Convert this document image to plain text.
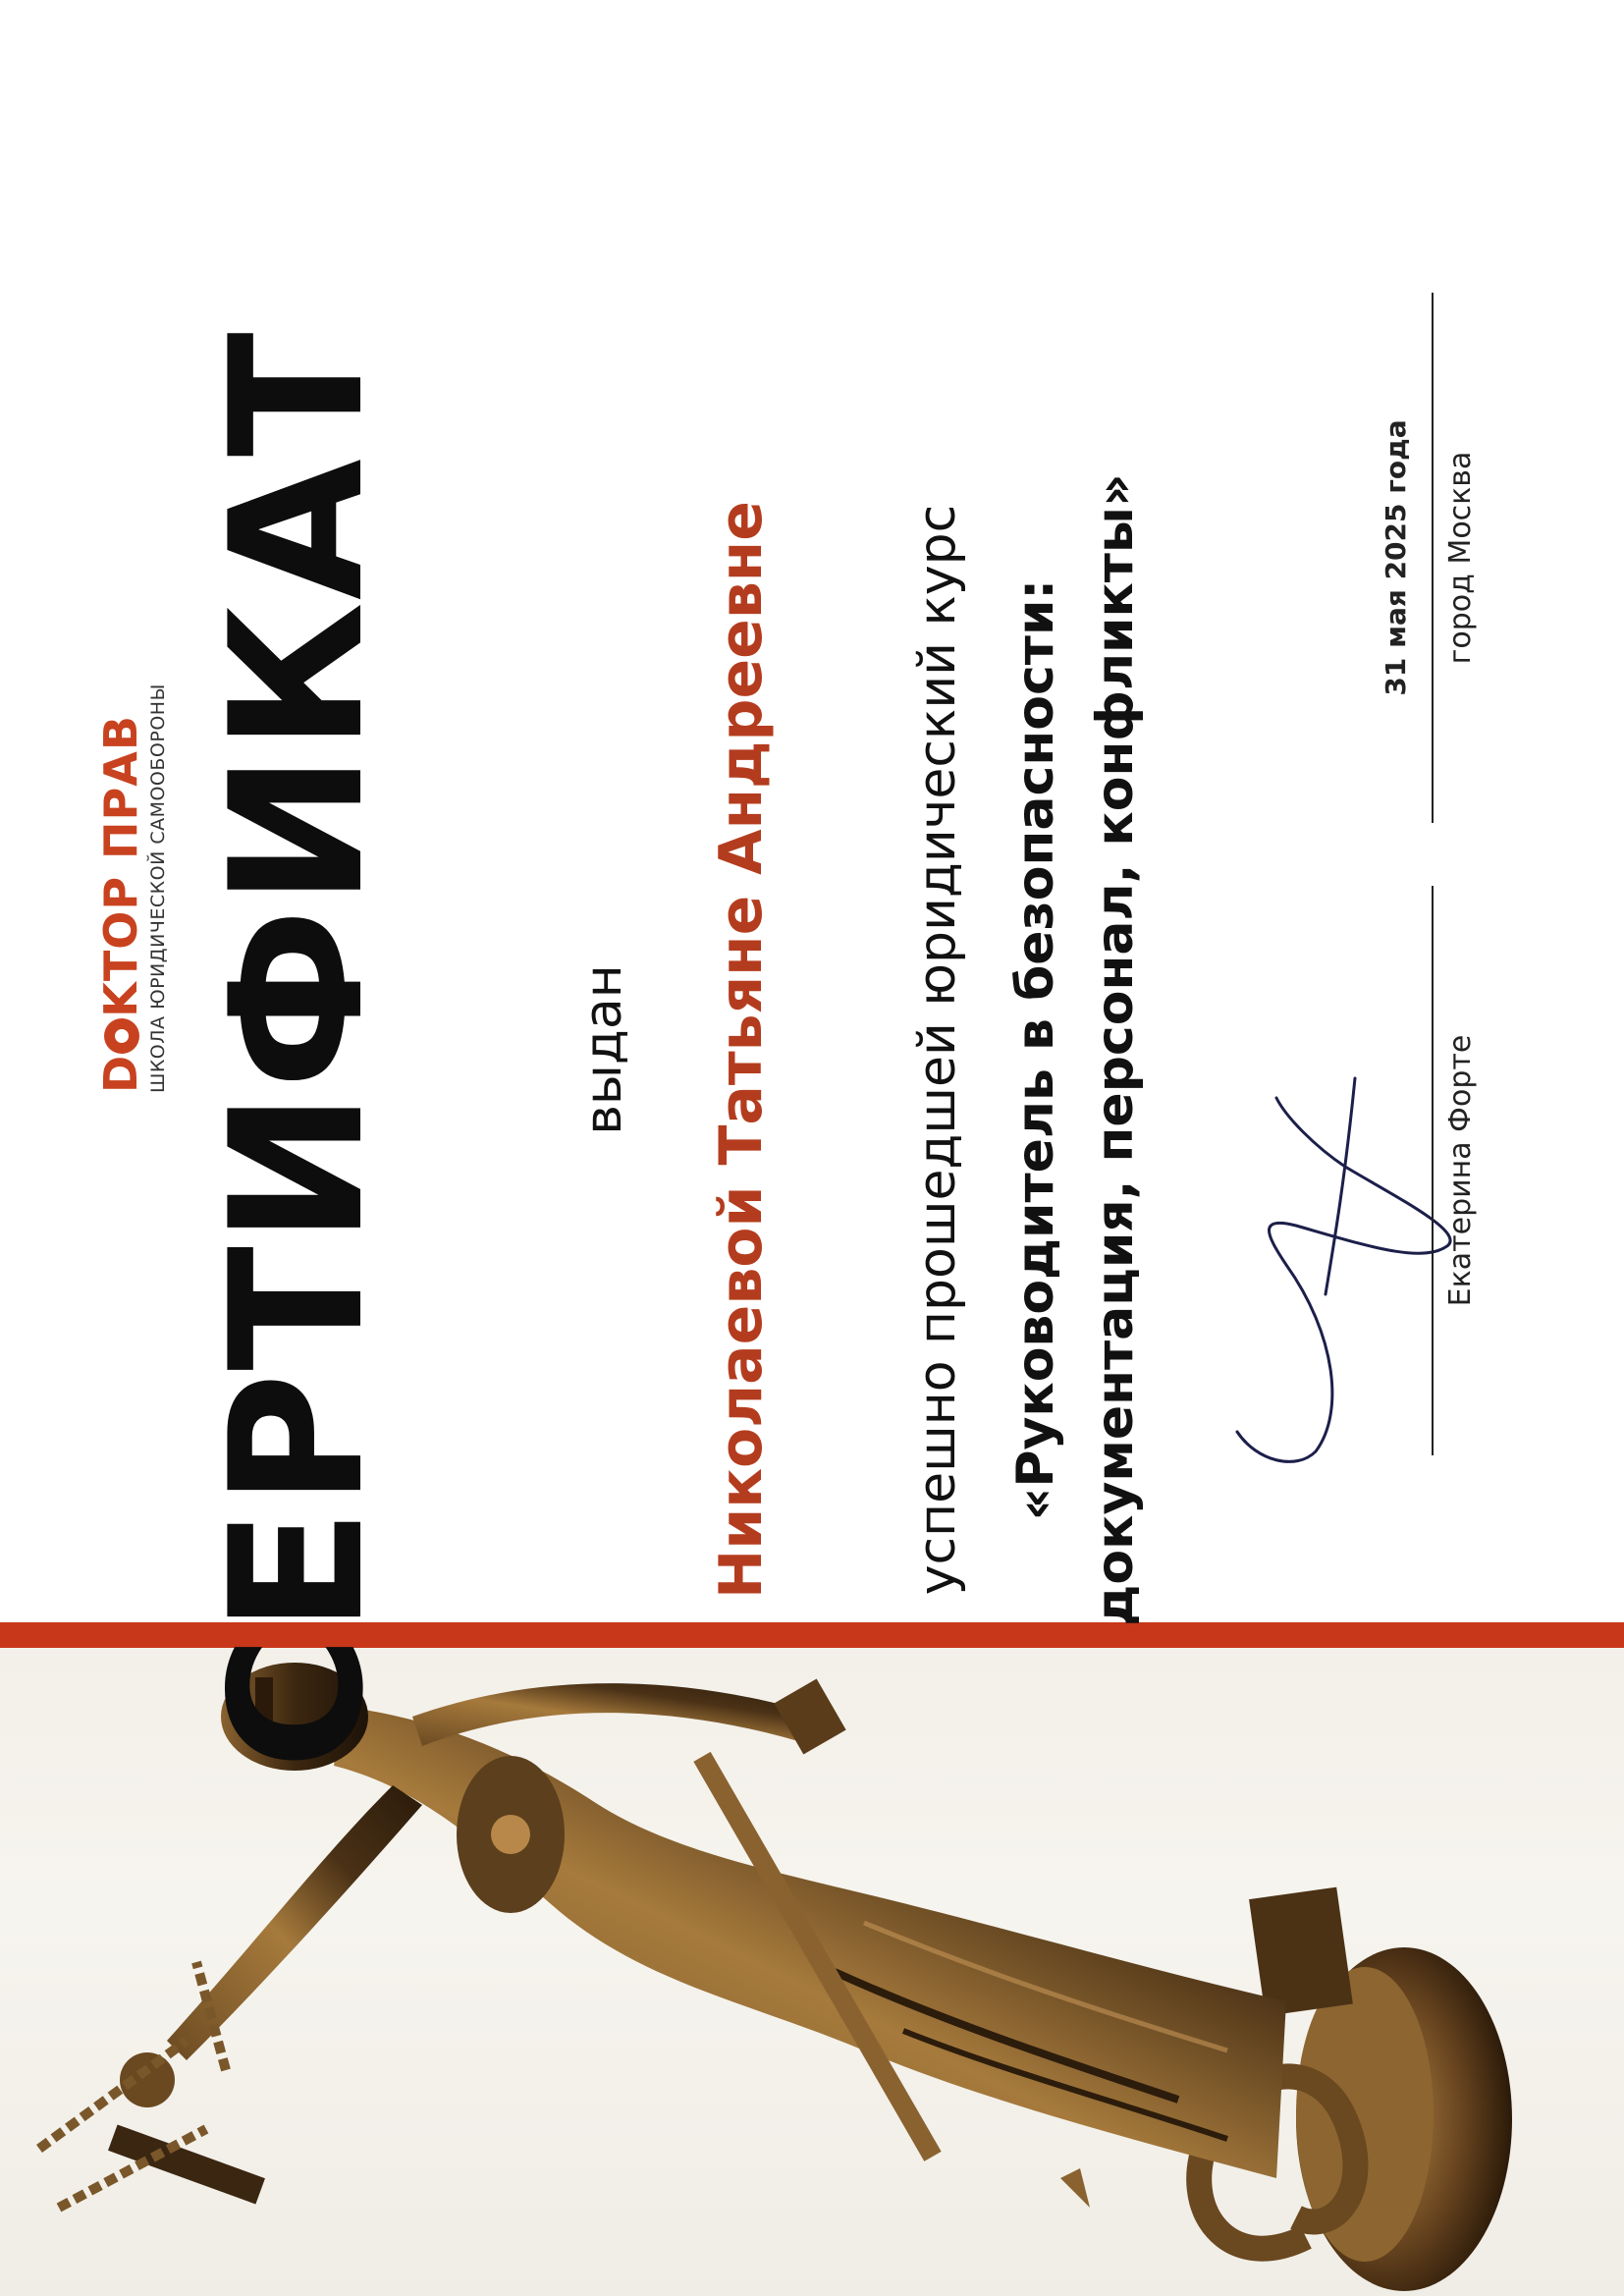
DKTOP ПРАВ ШКОЛА ЮРИДИЧЕСКОЙ САМООБОРОНЫ СЕРТИФИКАТ	выдан Николаевой Татьяне Андреевне	успешно прошедшей юридический курс «Руководитель в безопасности: документация, персонал, конфликты»	Екатерина Форте
31 мая 2025 года город Москва
